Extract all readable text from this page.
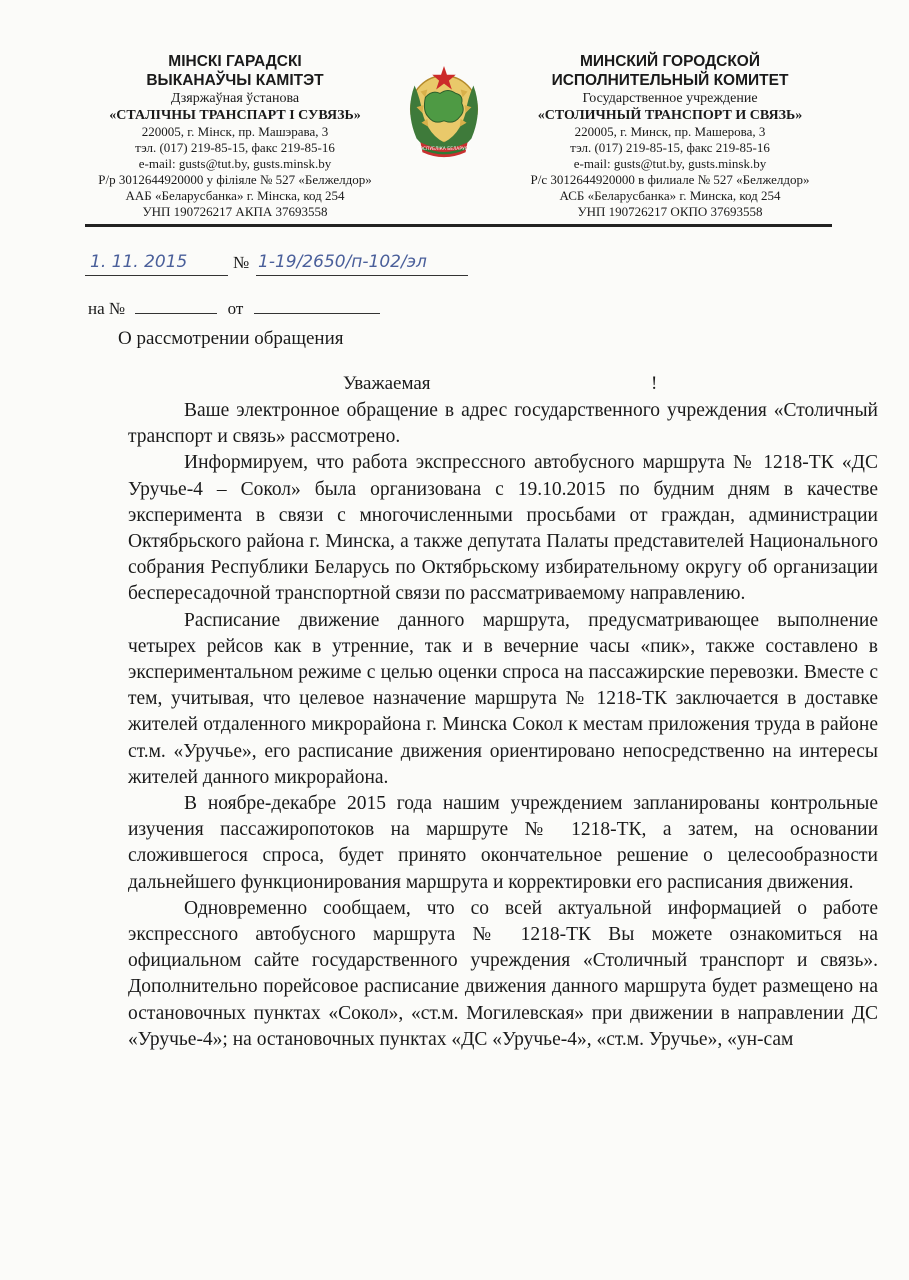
МІНСКІ ГАРАДСКІ
ВЫКАНАЎЧЫ КАМІТЭТ
Дзяржаўная ўстанова
«СТАЛІЧНЫ ТРАНСПАРТ І СУВЯЗЬ»
220005, г. Мінск, пр. Машэрава, 3
тэл. (017) 219-85-15, факс 219-85-16
e-mail: gusts@tut.by, gusts.minsk.by
Р/р 3012644920000 у філіяле № 527 «Белжелдор»
ААБ «Беларусбанка» г. Мінска, код 254
УНП 190726217 АКПА 37693558
РЭСПУБЛІКА БЕЛАРУСЬ
МИНСКИЙ ГОРОДСКОЙ
ИСПОЛНИТЕЛЬНЫЙ КОМИТЕТ
Государственное учреждение
«СТОЛИЧНЫЙ ТРАНСПОРТ И СВЯЗЬ»
220005, г. Минск, пр. Машерова, 3
тэл. (017) 219-85-15, факс 219-85-16
e-mail: gusts@tut.by, gusts.minsk.by
Р/с 3012644920000 в филиале № 527 «Белжелдор»
АСБ «Беларусбанка» г. Минска, код 254
УНП 190726217 ОКПО 37693558
1. 11. 2015	№ 1-19/2650/п-102/эл
на №	от
О рассмотрении обращения
Уважаемая	!

Ваше электронное обращение в адрес государственного учреждения «Столичный транспорт и связь» рассмотрено.

Информируем, что работа экспрессного автобусного маршрута № 1218-ТК «ДС Уручье-4 – Сокол» была организована с 19.10.2015 по будним дням в качестве эксперимента в связи с многочисленными просьбами от граждан, администрации Октябрьского района г. Минска, а также депутата Палаты представителей Национального собрания Республики Беларусь по Октябрьскому избирательному округу об организации беспересадочной транспортной связи по рассматриваемому направлению.

Расписание движение данного маршрута, предусматривающее выполнение четырех рейсов как в утренние, так и в вечерние часы «пик», также составлено в экспериментальном режиме с целью оценки спроса на пассажирские перевозки. Вместе с тем, учитывая, что целевое назначение маршрута № 1218-ТК заключается в доставке жителей отдаленного микрорайона г. Минска Сокол к местам приложения труда в районе ст.м. «Уручье», его расписание движения ориентировано непосредственно на интересы жителей данного микрорайона.

В ноябре-декабре 2015 года нашим учреждением запланированы контрольные изучения пассажиропотоков на маршруте № 1218-ТК, а затем, на основании сложившегося спроса, будет принято окончательное решение о целесообразности дальнейшего функционирования маршрута и корректировки его расписания движения.

Одновременно сообщаем, что со всей актуальной информацией о работе экспрессного автобусного маршрута № 1218-ТК Вы можете ознакомиться на официальном сайте государственного учреждения «Столичный транспорт и связь». Дополнительно порейсовое расписание движения данного маршрута будет размещено на остановочных пунктах «Сокол», «ст.м. Могилевская» при движении в направлении ДС «Уручье-4»; на остановочных пунктах «ДС «Уручье-4», «ст.м. Уручье», «ун-сам
